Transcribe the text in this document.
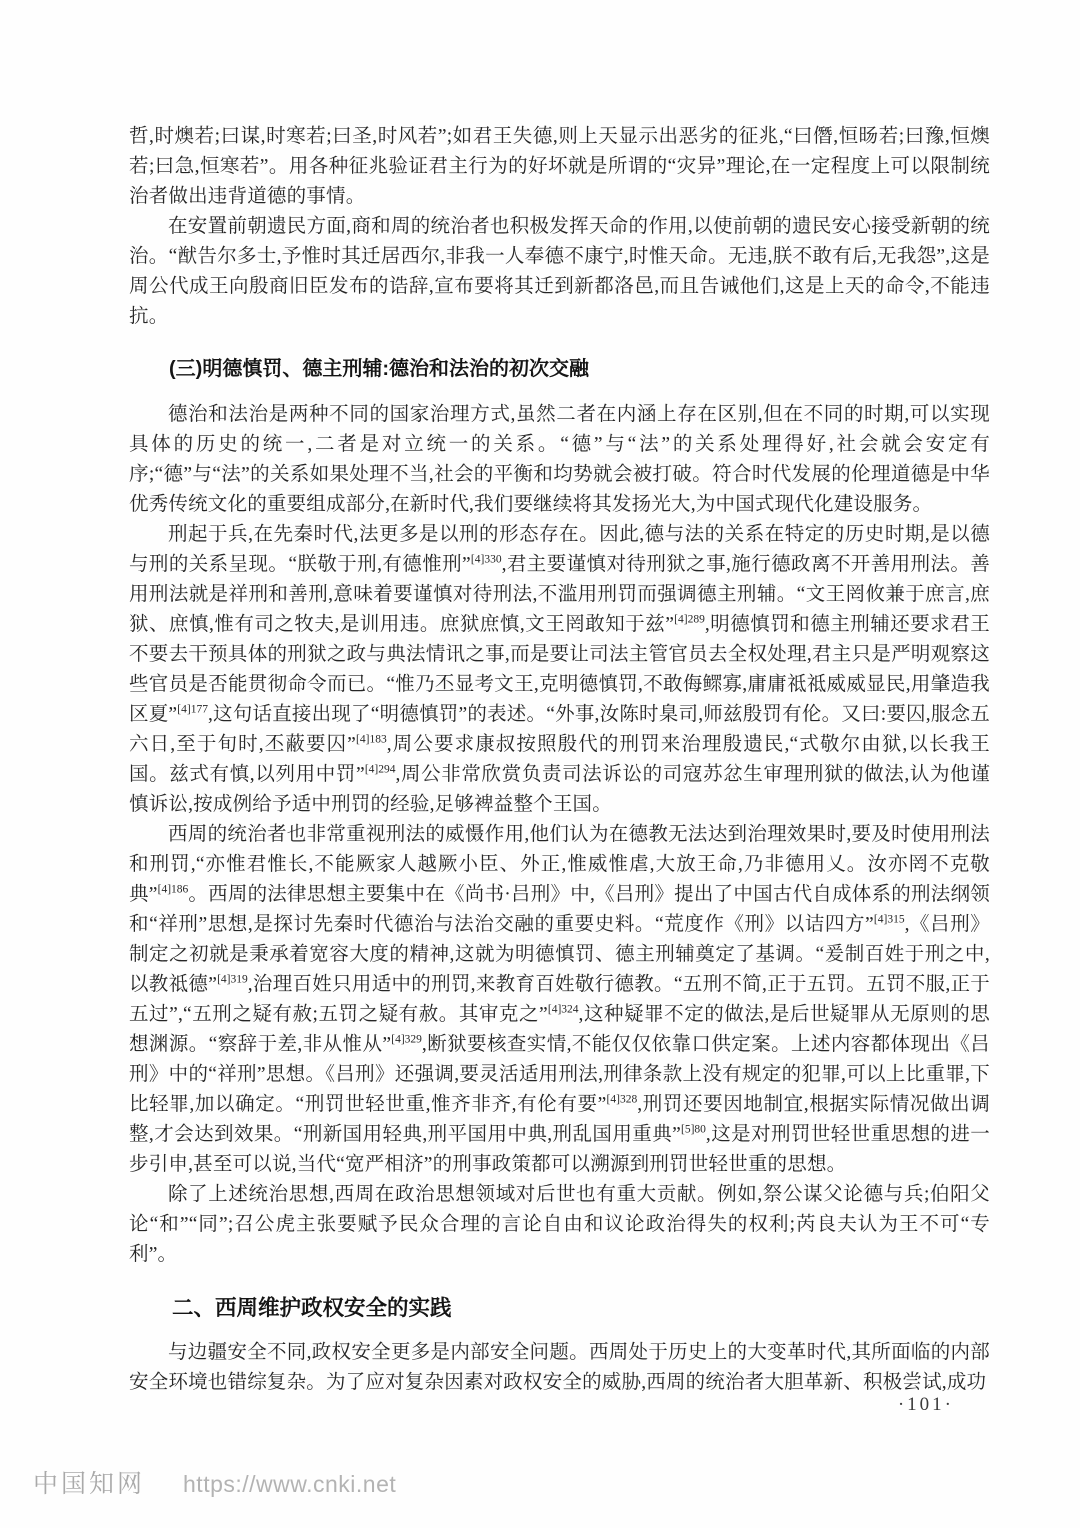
哲,时燠若;曰谋,时寒若;曰圣,时风若”;如君王失德,则上天显示出恶劣的征兆,“曰僭,恒旸若;曰豫,恒燠若;曰急,恒寒若”。用各种征兆验证君主行为的好坏就是所谓的“灾异”理论,在一定程度上可以限制统治者做出违背道德的事情。

在安置前朝遗民方面,商和周的统治者也积极发挥天命的作用,以使前朝的遗民安心接受新朝的统治。“猷告尔多士,予惟时其迁居西尔,非我一人奉德不康宁,时惟天命。无违,朕不敢有后,无我怨”,这是周公代成王向殷商旧臣发布的诰辞,宣布要将其迁到新都洛邑,而且告诫他们,这是上天的命令,不能违抗。

(三)明德慎罚、德主刑辅:德治和法治的初次交融

德治和法治是两种不同的国家治理方式,虽然二者在内涵上存在区别,但在不同的时期,可以实现具体的历史的统一,二者是对立统一的关系。“德”与“法”的关系处理得好,社会就会安定有序;“德”与“法”的关系如果处理不当,社会的平衡和均势就会被打破。符合时代发展的伦理道德是中华优秀传统文化的重要组成部分,在新时代,我们要继续将其发扬光大,为中国式现代化建设服务。

刑起于兵,在先秦时代,法更多是以刑的形态存在。因此,德与法的关系在特定的历史时期,是以德与刑的关系呈现。“朕敬于刑,有德惟刑”$^{[4]330}$,君主要谨慎对待刑狱之事,施行德政离不开善用刑法。善用刑法就是祥刑和善刑,意味着要谨慎对待刑法,不滥用刑罚而强调德主刑辅。“文王罔攸兼于庶言,庶狱、庶慎,惟有司之牧夫,是训用违。庶狱庶慎,文王罔敢知于兹”$^{[4]289}$,明德慎罚和德主刑辅还要求君王不要去干预具体的刑狱之政与典法情讯之事,而是要让司法主管官员去全权处理,君主只是严明观察这些官员是否能贯彻命令而已。“惟乃丕显考文王,克明德慎罚,不敢侮鳏寡,庸庸祗祗威威显民,用肇造我区夏”$^{[4]177}$,这句话直接出现了“明德慎罚”的表述。“外事,汝陈时臬司,师兹殷罚有伦。又曰:要囚,服念五六日,至于旬时,丕蔽要囚”$^{[4]183}$,周公要求康叔按照殷代的刑罚来治理殷遗民,“式敬尔由狱,以长我王国。兹式有慎,以列用中罚”$^{[4]294}$,周公非常欣赏负责司法诉讼的司寇苏忿生审理刑狱的做法,认为他谨慎诉讼,按成例给予适中刑罚的经验,足够裨益整个王国。

西周的统治者也非常重视刑法的威慑作用,他们认为在德教无法达到治理效果时,要及时使用刑法和刑罚,“亦惟君惟长,不能厥家人越厥小臣、外正,惟威惟虐,大放王命,乃非德用乂。汝亦罔不克敬典”$^{[4]186}$。西周的法律思想主要集中在《尚书·吕刑》中,《吕刑》提出了中国古代自成体系的刑法纲领和“祥刑”思想,是探讨先秦时代德治与法治交融的重要史料。“荒度作《刑》以诘四方”$^{[4]315}$,《吕刑》制定之初就是秉承着宽容大度的精神,这就为明德慎罚、德主刑辅奠定了基调。“爰制百姓于刑之中,以教祗德”$^{[4]319}$,治理百姓只用适中的刑罚,来教育百姓敬行德教。“五刑不简,正于五罚。五罚不服,正于五过”,“五刑之疑有赦;五罚之疑有赦。其审克之”$^{[4]324}$,这种疑罪不定的做法,是后世疑罪从无原则的思想渊源。“察辞于差,非从惟从”$^{[4]329}$,断狱要核查实情,不能仅仅依靠口供定案。上述内容都体现出《吕刑》中的“祥刑”思想。《吕刑》还强调,要灵活适用刑法,刑律条款上没有规定的犯罪,可以上比重罪,下比轻罪,加以确定。“刑罚世轻世重,惟齐非齐,有伦有要”$^{[4]328}$,刑罚还要因地制宜,根据实际情况做出调整,才会达到效果。“刑新国用轻典,刑平国用中典,刑乱国用重典”$^{[5]80}$,这是对刑罚世轻世重思想的进一步引申,甚至可以说,当代“宽严相济”的刑事政策都可以溯源到刑罚世轻世重的思想。

除了上述统治思想,西周在政治思想领域对后世也有重大贡献。例如,祭公谋父论德与兵;伯阳父论“和”“同”;召公虎主张要赋予民众合理的言论自由和议论政治得失的权利;芮良夫认为王不可“专利”。

二、西周维护政权安全的实践

与边疆安全不同,政权安全更多是内部安全问题。西周处于历史上的大变革时代,其所面临的内部安全环境也错综复杂。为了应对复杂因素对政权安全的威胁,西周的统治者大胆革新、积极尝试,成功

·101·
中国知网 https://www.cnki.net
